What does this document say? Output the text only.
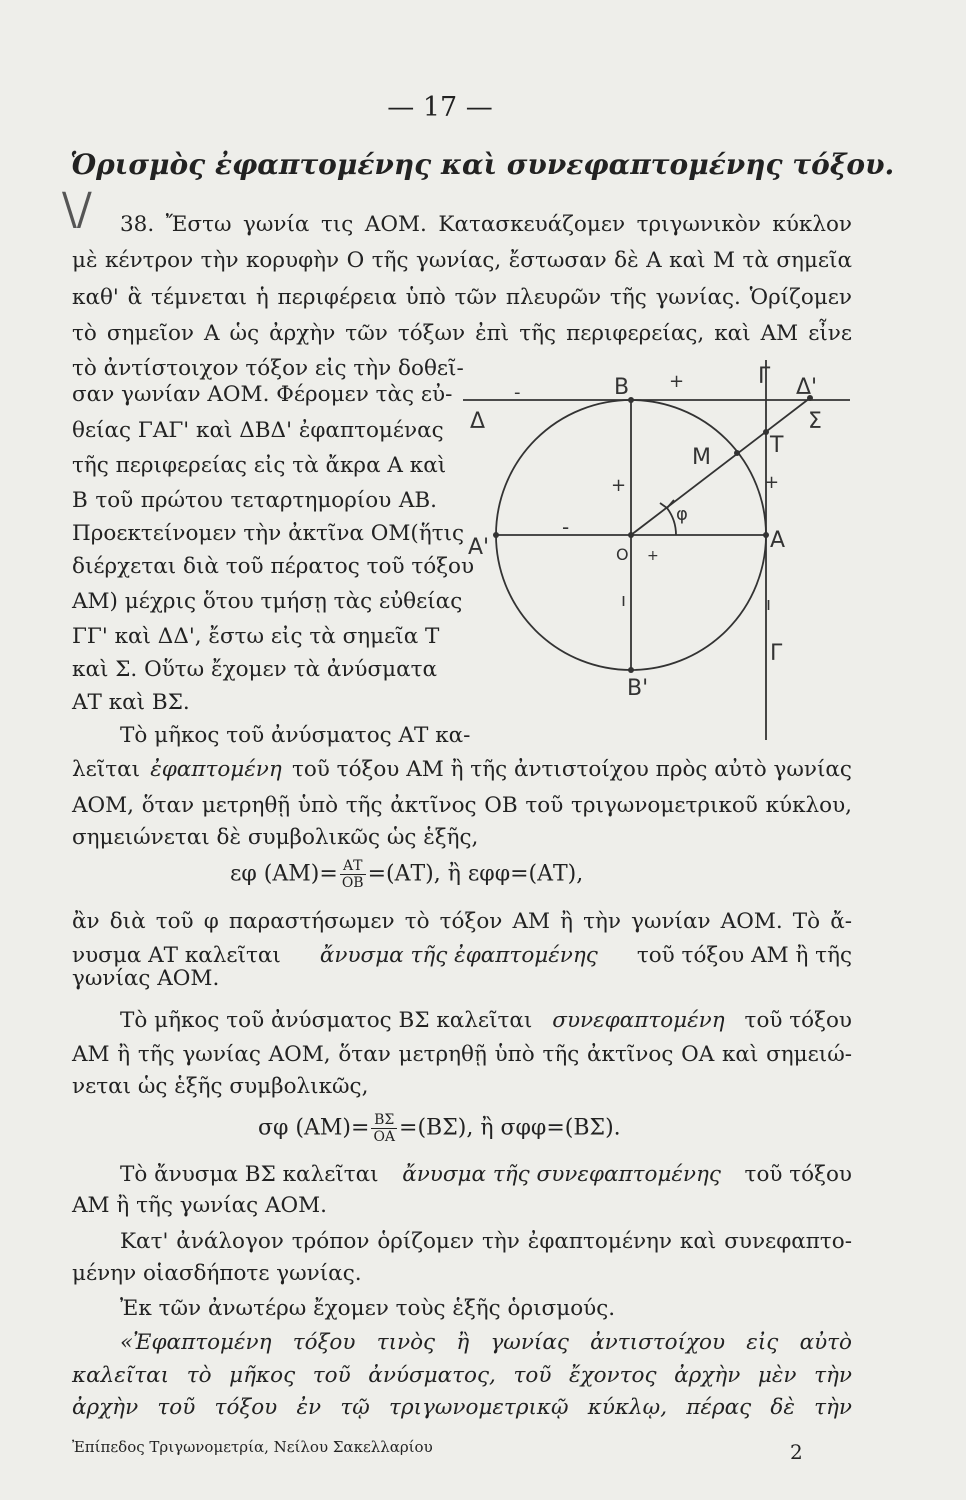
— 17 —
\/
Ὁρισμὸς ἐφαπτομένης καὶ συνεφαπτομένης τόξου.
38. Ἔστω γωνία τις ΑΟΜ. Κατασκευάζομεν τριγωνικὸν κύκλον
μὲ κέντρον τὴν κορυφὴν Ο τῆς γωνίας, ἔστωσαν δὲ Α καὶ Μ τὰ σημεῖα
καθ' ἃ τέμνεται ἡ περιφέρεια ὑπὸ τῶν πλευρῶν τῆς γωνίας. Ὁρίζομεν
τὸ σημεῖον Α ὡς ἀρχὴν τῶν τόξων ἐπὶ τῆς περιφερείας, καὶ ΑΜ εἶνε
τὸ ἀντίστοιχον τόξον εἰς τὴν δοθεῖ-
σαν γωνίαν ΑΟΜ. Φέρομεν τὰς εὐ-
θείας ΓΑΓ' καὶ ΔΒΔ' ἐφαπτομένας
τῆς περιφερείας εἰς τὰ ἄκρα Α καὶ
Β τοῦ πρώτου τεταρτημορίου ΑΒ.
Προεκτείνομεν τὴν ἀκτῖνα ΟΜ(ἥτις
διέρχεται διὰ τοῦ πέρατος τοῦ τόξου
ΑΜ) μέχρις ὅτου τμήσῃ τὰς εὐθείας
ΓΓ' καὶ ΔΔ', ἔστω εἰς τὰ σημεῖα Τ
καὶ Σ. Οὕτω ἔχομεν τὰ ἀνύσματα
ΑΤ καὶ ΒΣ.
Τὸ μῆκος τοῦ ἀνύσματος ΑΤ κα-
λεῖται ἐφαπτομένη τοῦ τόξου ΑΜ ἢ τῆς ἀντιστοίχου πρὸς αὐτὸ γωνίας
ΑΟΜ, ὅταν μετρηθῇ ὑπὸ τῆς ἀκτῖνος ΟΒ τοῦ τριγωνομετρικοῦ κύκλου,
σημειώνεται δὲ συμβολικῶς ὡς ἑξῆς,
εφ $(AM)= \frac{AT}{OB} =(AT)$, ἢ εφφ=(ΑΤ),
ἂν διὰ τοῦ φ παραστήσωμεν τὸ τόξον ΑΜ ἢ τὴν γωνίαν ΑΟΜ. Τὸ ἄ-
νυσμα ΑΤ καλεῖται ἄνυσμα τῆς ἐφαπτομένης τοῦ τόξου ΑΜ ἢ τῆς
γωνίας ΑΟΜ.
Τὸ μῆκος τοῦ ἀνύσματος ΒΣ καλεῖται συνεφαπτομένη τοῦ τόξου
ΑΜ ἢ τῆς γωνίας ΑΟΜ, ὅταν μετρηθῇ ὑπὸ τῆς ἀκτῖνος ΟΑ καὶ σημειώ-
νεται ὡς ἑξῆς συμβολικῶς,
σφ $(AM)= \frac{B\Sigma}{OA} =(B\Sigma)$, ἢ σφφ=(ΒΣ).
Τὸ ἄνυσμα ΒΣ καλεῖται ἄνυσμα τῆς συνεφαπτομένης τοῦ τόξου
ΑΜ ἢ τῆς γωνίας ΑΟΜ.
Κατ' ἀνάλογον τρόπον ὁρίζομεν τὴν ἐφαπτομένην καὶ συνεφαπτο-
μένην οἱασδήποτε γωνίας.
Ἐκ τῶν ἀνωτέρω ἔχομεν τοὺς ἑξῆς ὁρισμούς.
«Ἐφαπτομένη τόξου τινὸς ἢ γωνίας ἀντιστοίχου εἰς αὐτὸ
καλεῖται τὸ μῆκος τοῦ ἀνύσματος, τοῦ ἔχοντος ἀρχὴν μὲν τὴν
ἀρχὴν τοῦ τόξου ἐν τῷ τριγωνομετρικῷ κύκλῳ, πέρας δὲ τὴν
Ἐπίπεδος Τριγωνομετρία, Νείλου Σακελλαρίου	2
B
B'
Γ
Γ
Δ
Δ'
Σ
T
M
A
A'	O
φ
+
+
+
+
-
-
ı	ı
